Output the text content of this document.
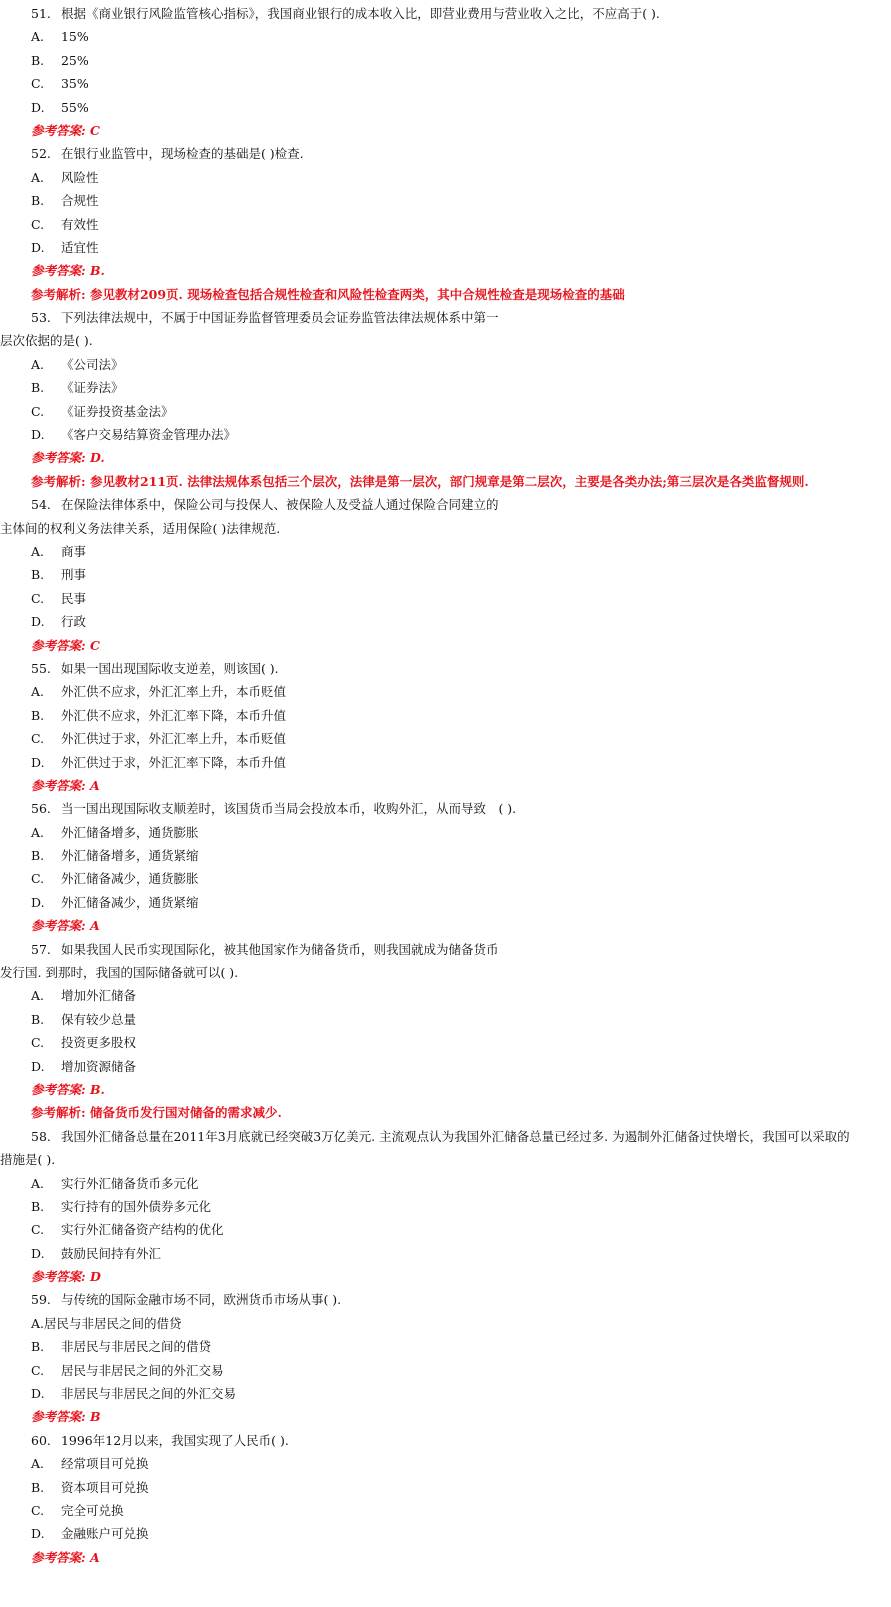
51. 根据《商业银行风险监管核心指标》，我国商业银行的成本收入比，即营业费用与营业收入之比，不应高于( ).
A. 15%
B. 25%
C. 35%
D. 55%
参考答案: C
52. 在银行业监管中，现场检查的基础是( )检查.
A. 风险性
B. 合规性
C. 有效性
D. 适宜性
参考答案: B.
参考解析: 参见教材209页. 现场检查包括合规性检查和风险性检查两类，其中合规性检查是现场检查的基础
53. 下列法律法规中，不属于中国证券监督管理委员会证券监管法律法规体系中第一
层次依据的是( ).
A. 《公司法》
B. 《证券法》
C. 《证券投资基金法》
D. 《客户交易结算资金管理办法》
参考答案: D.
参考解析: 参见教材211页. 法律法规体系包括三个层次，法律是第一层次，部门规章是第二层次，主要是各类办法;第三层次是各类监督规则.
54. 在保险法律体系中，保险公司与投保人、被保险人及受益人通过保险合同建立的
主体间的权利义务法律关系，适用保险( )法律规范.
A. 商事
B. 刑事
C. 民事
D. 行政
参考答案: C
55. 如果一国出现国际收支逆差，则该国( ).
A. 外汇供不应求，外汇汇率上升，本币贬值
B. 外汇供不应求，外汇汇率下降，本币升值
C. 外汇供过于求，外汇汇率上升，本币贬值
D. 外汇供过于求，外汇汇率下降，本币升值
参考答案: A
56. 当一国出现国际收支顺差时，该国货币当局会投放本币，收购外汇，从而导致　( ).
A. 外汇储备增多，通货膨胀
B. 外汇储备增多，通货紧缩
C. 外汇储备减少，通货膨胀
D. 外汇储备减少，通货紧缩
参考答案: A
57. 如果我国人民币实现国际化，被其他国家作为储备货币，则我国就成为储备货币
发行国. 到那时，我国的国际储备就可以( ).
A. 增加外汇储备
B. 保有较少总量
C. 投资更多股权
D. 增加资源储备
参考答案: B.
参考解析: 储备货币发行国对储备的需求减少.
58. 我国外汇储备总量在2011年3月底就已经突破3万亿美元. 主流观点认为我国外汇储备总量已经过多. 为遏制外汇储备过快增长，我国可以采取的
措施是( ).
A. 实行外汇储备货币多元化
B. 实行持有的国外债券多元化
C. 实行外汇储备资产结构的优化
D. 鼓励民间持有外汇
参考答案: D
59. 与传统的国际金融市场不同，欧洲货币市场从事( ).
A.居民与非居民之间的借贷
B. 非居民与非居民之间的借贷
C. 居民与非居民之间的外汇交易
D. 非居民与非居民之间的外汇交易
参考答案: B
60. 1996年12月以来，我国实现了人民币( ).
A. 经常项目可兑换
B. 资本项目可兑换
C. 完全可兑换
D. 金融账户可兑换
参考答案: A
